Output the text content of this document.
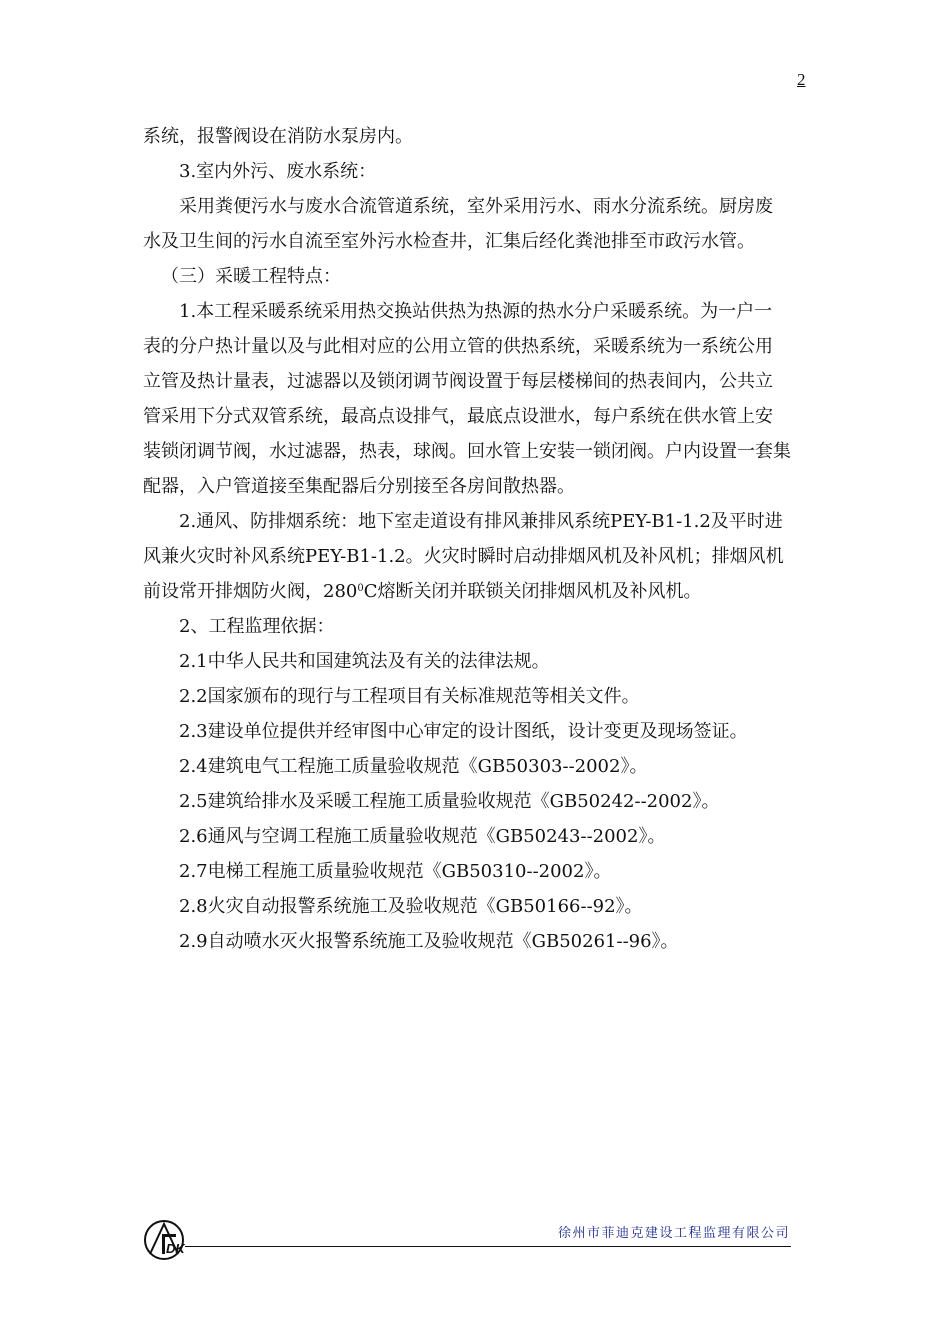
2
系统，报警阀设在消防水泵房内。
3.室内外污、废水系统：
采用粪便污水与废水合流管道系统，室外采用污水、雨水分流系统。厨房废
水及卫生间的污水自流至室外污水检查井，汇集后经化粪池排至市政污水管。
（三）采暖工程特点：
1.本工程采暖系统采用热交换站供热为热源的热水分户采暖系统。为一户一
表的分户热计量以及与此相对应的公用立管的供热系统，采暖系统为一系统公用
立管及热计量表，过滤器以及锁闭调节阀设置于每层楼梯间的热表间内，公共立
管采用下分式双管系统，最高点设排气，最底点设泄水，每户系统在供水管上安
装锁闭调节阀，水过滤器，热表，球阀。回水管上安装一锁闭阀。户内设置一套集
配器，入户管道接至集配器后分别接至各房间散热器。
2.通风、防排烟系统：地下室走道设有排风兼排风系统PEY-B1-1.2及平时进
风兼火灾时补风系统PEY-B1-1.2。火灾时瞬时启动排烟风机及补风机；排烟风机
前设常开排烟防火阀，$280^0C$熔断关闭并联锁关闭排烟风机及补风机。
2、工程监理依据：
2.1中华人民共和国建筑法及有关的法律法规。
2.2国家颁布的现行与工程项目有关标准规范等相关文件。
2.3建设单位提供并经审图中心审定的设计图纸，设计变更及现场签证。
2.4建筑电气工程施工质量验收规范《GB50303--2002》。
2.5建筑给排水及采暖工程施工质量验收规范《GB50242--2002》。
2.6通风与空调工程施工质量验收规范《GB50243--2002》。
2.7电梯工程施工质量验收规范《GB50310--2002》。
2.8火灾自动报警系统施工及验收规范《GB50166--92》。
2.9自动喷水灭火报警系统施工及验收规范《GB50261--96》。
DK
徐州市菲迪克建设工程监理有限公司
